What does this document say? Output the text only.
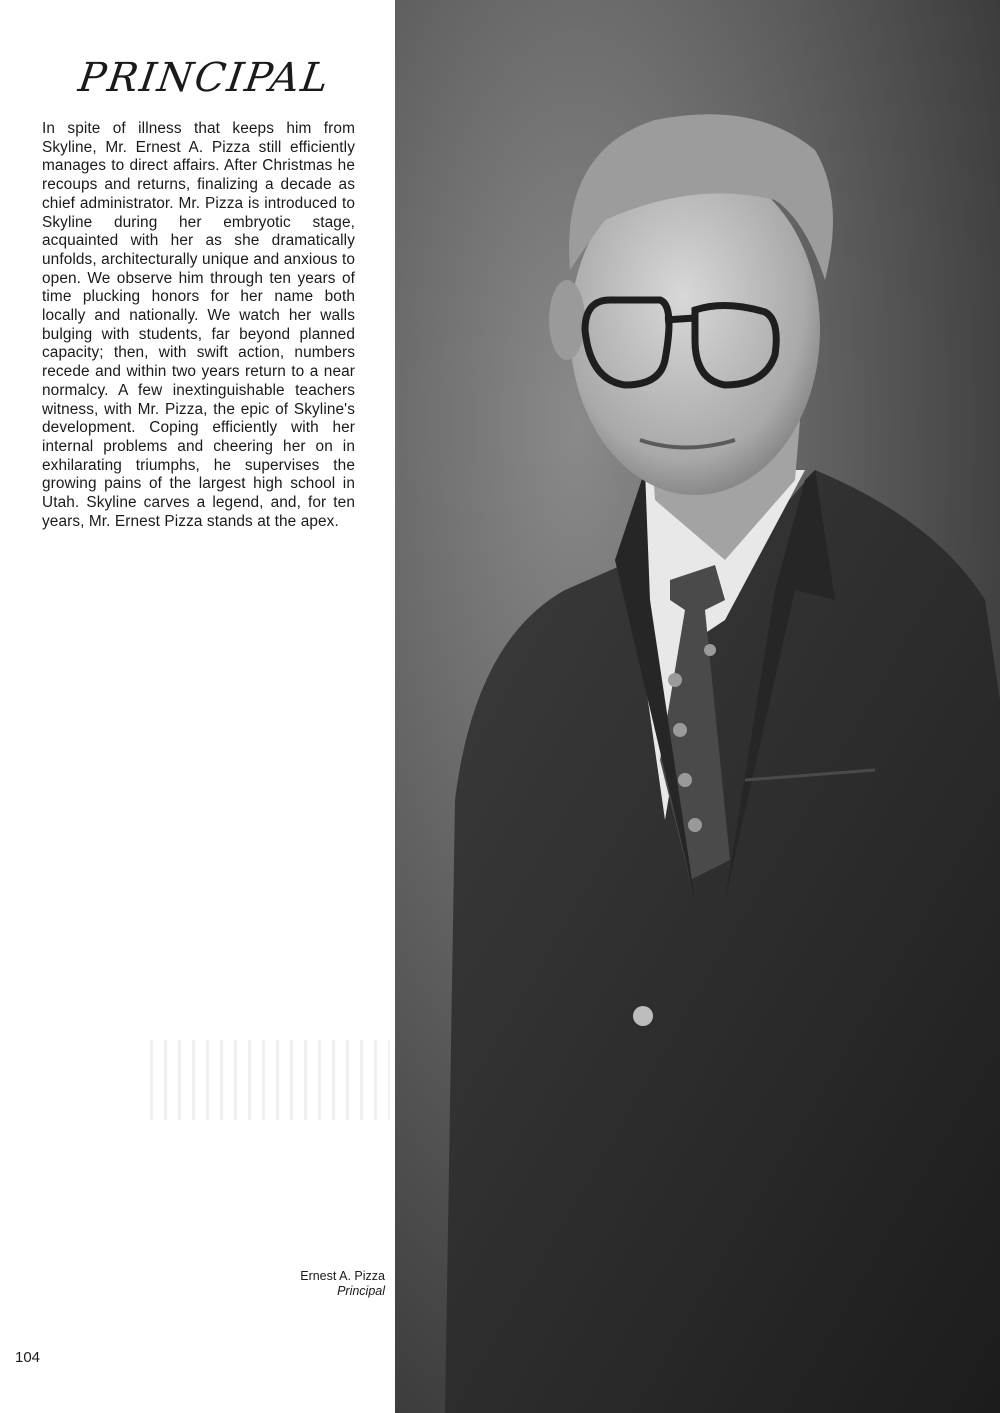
PRINCIPAL

In spite of illness that keeps him from Skyline, Mr. Ernest A. Pizza still efficiently manages to direct affairs. After Christmas he recoups and returns, finalizing a decade as chief administrator. Mr. Pizza is introduced to Skyline during her embryotic stage, acquainted with her as she dramatically unfolds, architecturally unique and anxious to open. We observe him through ten years of time plucking honors for her name both locally and nationally. We watch her walls bulging with students, far beyond planned capacity; then, with swift action, numbers recede and within two years return to a near normalcy. A few inextinguishable teachers witness, with Mr. Pizza, the epic of Skyline's development. Coping efficiently with her internal problems and cheering her on in exhilarating triumphs, he supervises the growing pains of the largest high school in Utah. Skyline carves a legend, and, for ten years, Mr. Ernest Pizza stands at the apex.

Ernest A. Pizza
Principal
104
